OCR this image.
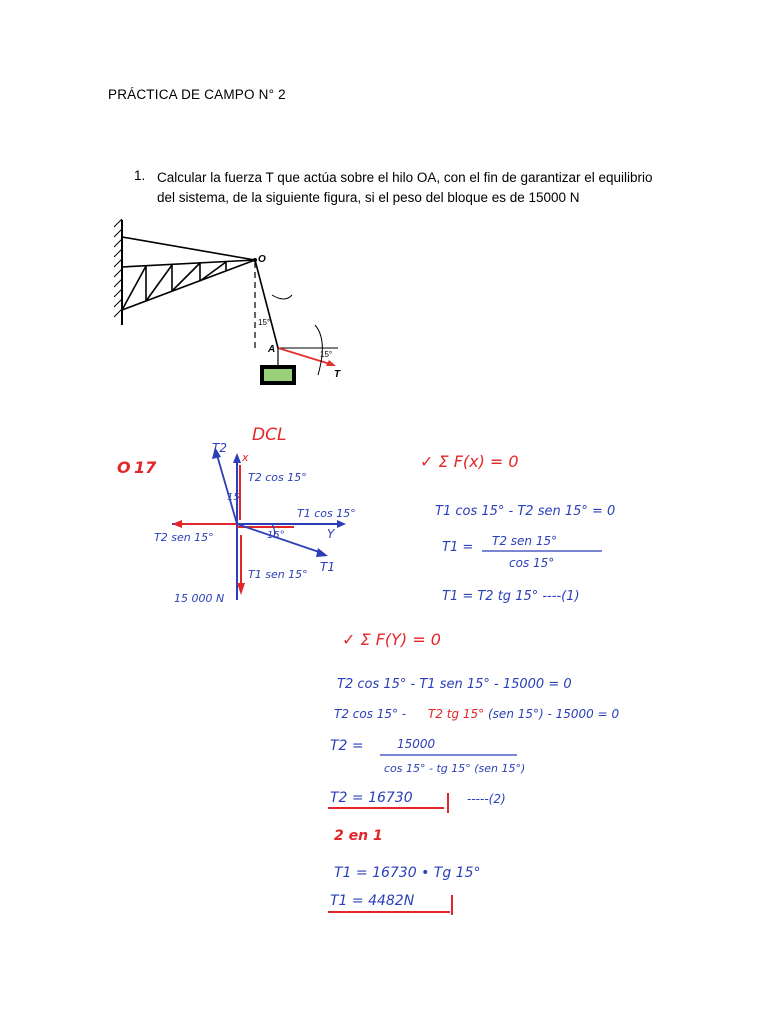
PRÁCTICA DE CAMPO N° 2
1. Calcular la fuerza T que actúa sobre el hilo OA, con el fin de garantizar el equilibrio del sistema, de la siguiente figura, si el peso del bloque es de 15000 N
O
15°
A
T
15°
DCL
O 17
T2
x
T2 cos 15°
15
T1 cos 15°
T2 sen 15°	15°	Y
T1
T1 sen 15°
15 000 N
✓ Σ F(x) = 0
T1 cos 15° - T2 sen 15° = 0
T1 = T2 sen 15°
cos 15°
T1 = T2 tg 15° ----(1)
✓ Σ F(Y) = 0
T2 cos 15° - T1 sen 15° - 15000 = 0
T2 cos 15° - T2 tg 15° (sen 15°) - 15000 = 0
T2 =	15000
cos 15° - tg 15° (sen 15°)
T2 = 16730	-----(2)
2 en 1
T1 = 16730 • Tg 15°
T1 = 4482N
